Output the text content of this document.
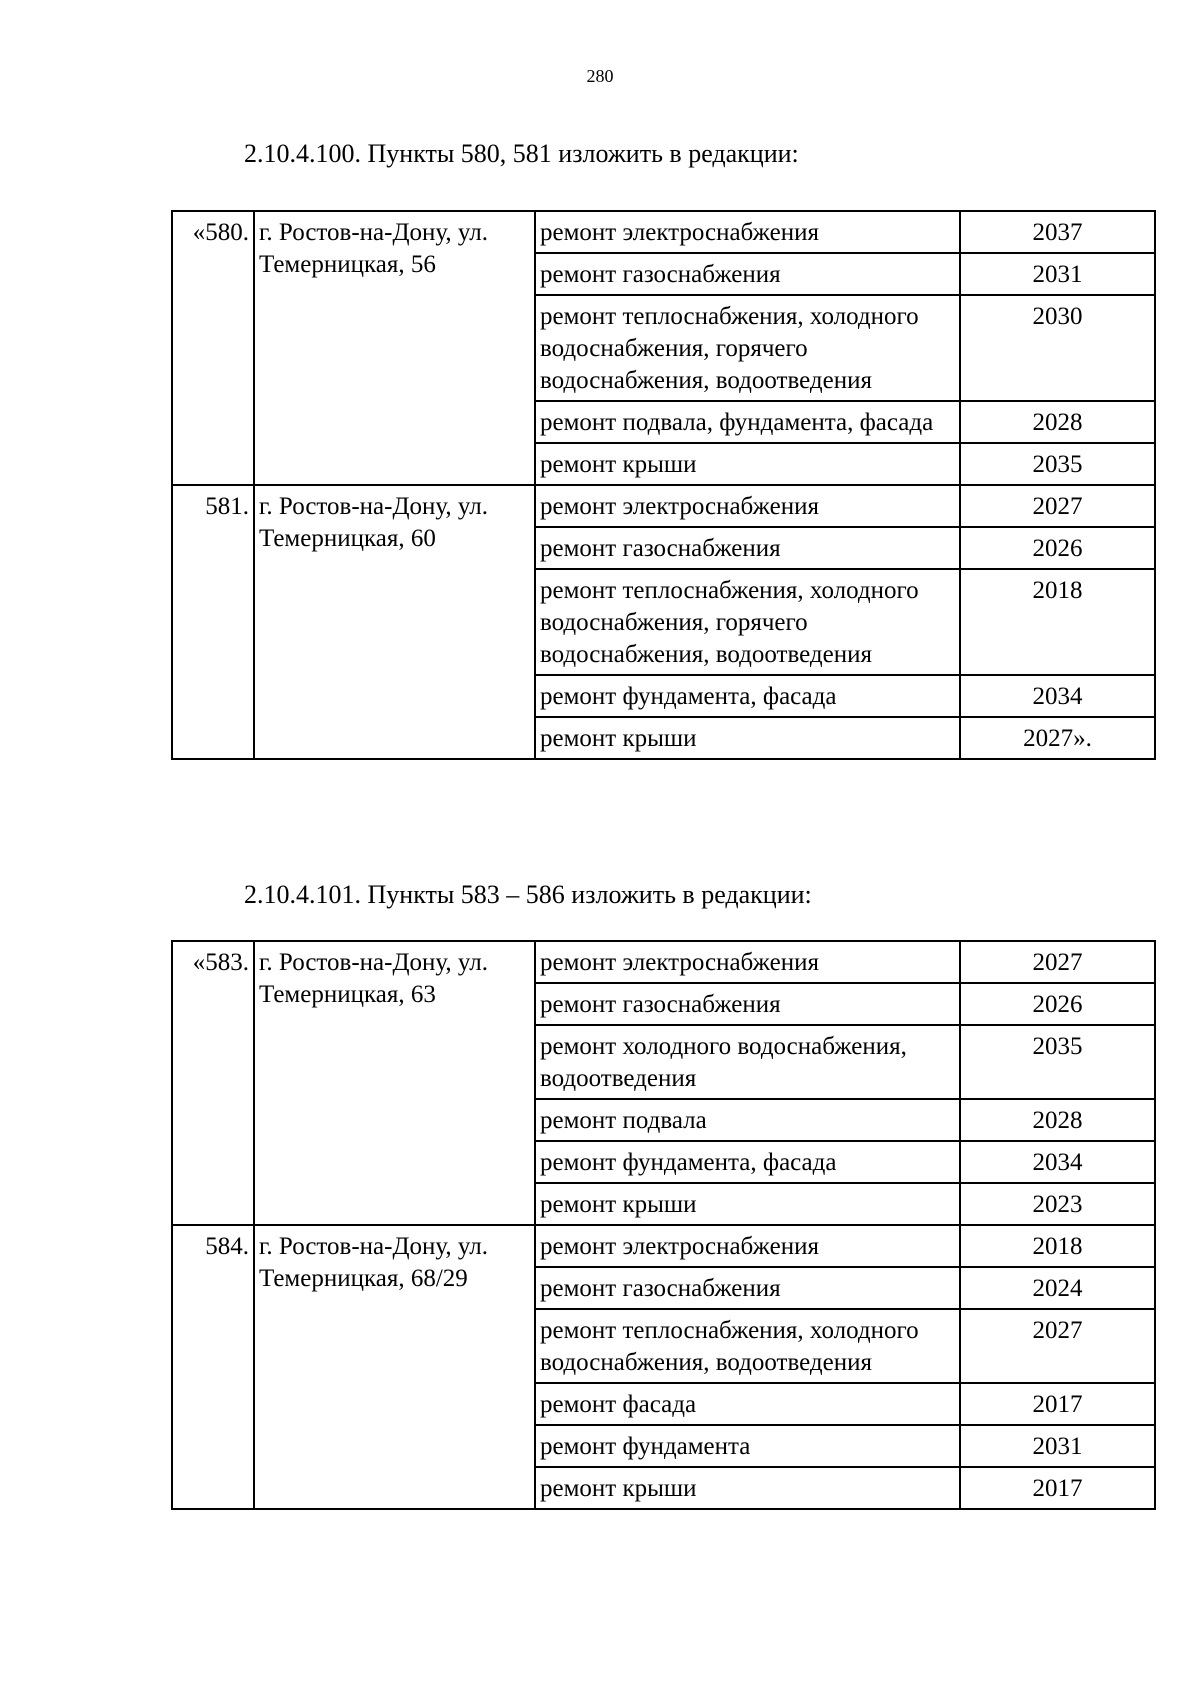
280
2.10.4.100. Пункты 580, 581 изложить в редакции:
«580.	г. Ростов-на-Дону, ул. Темерницкая, 56	ремонт электроснабжения	2037
		ремонт газоснабжения	2031
		ремонт теплоснабжения, холодного водоснабжения, горячего водоснабжения, водоотведения	2030
		ремонт подвала, фундамента, фасада	2028
		ремонт крыши	2035
581.	г. Ростов-на-Дону, ул. Темерницкая, 60	ремонт электроснабжения	2027
		ремонт газоснабжения	2026
		ремонт теплоснабжения, холодного водоснабжения, горячего водоснабжения, водоотведения	2018
		ремонт фундамента, фасада	2034
		ремонт крыши	2027».
2.10.4.101. Пункты 583 – 586 изложить в редакции:
«583.	г. Ростов-на-Дону, ул. Темерницкая, 63	ремонт электроснабжения	2027
		ремонт газоснабжения	2026
		ремонт холодного водоснабжения, водоотведения	2035
		ремонт подвала	2028
		ремонт фундамента, фасада	2034
		ремонт крыши	2023
584.	г. Ростов-на-Дону, ул. Темерницкая, 68/29	ремонт электроснабжения	2018
		ремонт газоснабжения	2024
		ремонт теплоснабжения, холодного водоснабжения, водоотведения	2027
		ремонт фасада	2017
		ремонт фундамента	2031
		ремонт крыши	2017
